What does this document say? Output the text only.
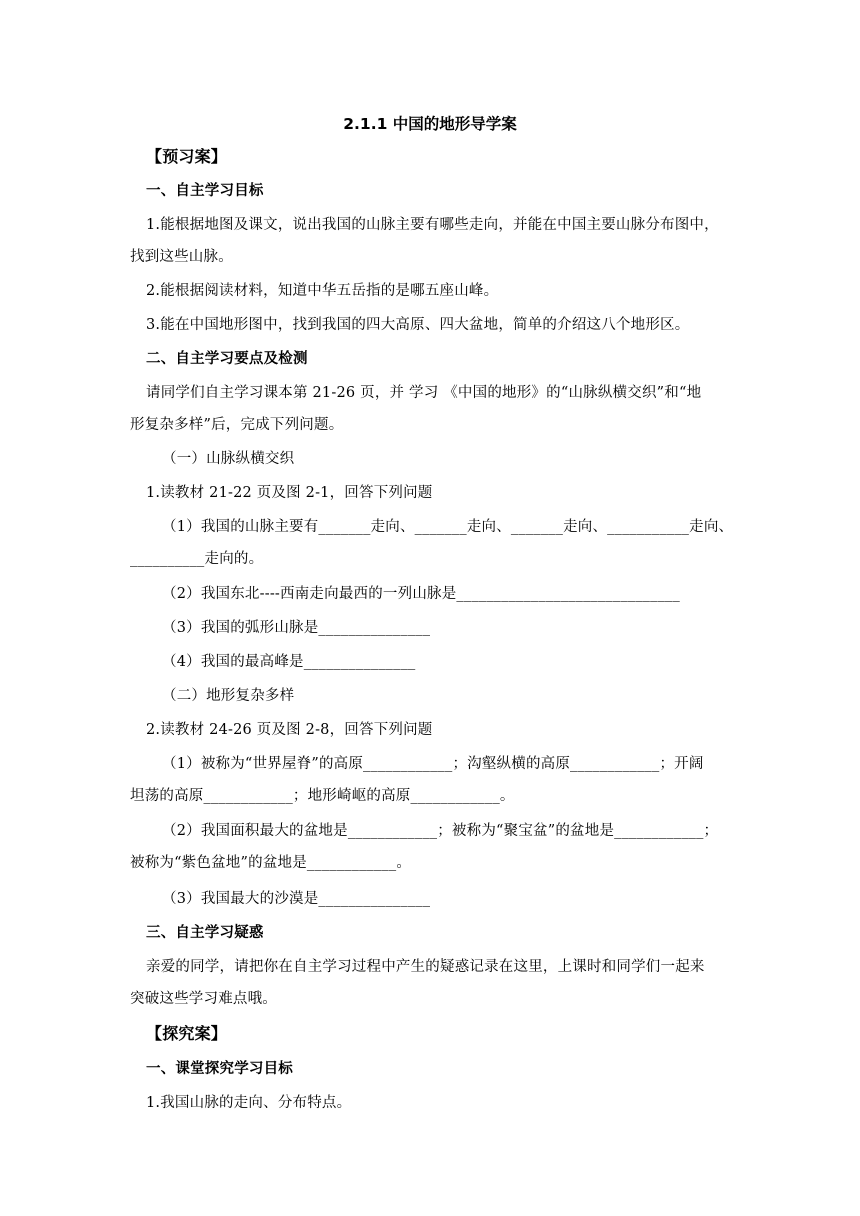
2.1.1 中国的地形导学案
【预习案】
一、自主学习目标
1.能根据地图及课文，说出我国的山脉主要有哪些走向，并能在中国主要山脉分布图中，
找到这些山脉。
2.能根据阅读材料，知道中华五岳指的是哪五座山峰。
3.能在中国地形图中，找到我国的四大高原、四大盆地，简单的介绍这八个地形区。
二、自主学习要点及检测
请同学们自主学习课本第 21-26 页，并 学习 《中国的地形》的“山脉纵横交织”和“地
形复杂多样”后，完成下列问题。
（一）山脉纵横交织
1.读教材 21-22 页及图 2-1，回答下列问题
（1）我国的山脉主要有_______走向、_______走向、_______走向、___________走向、
__________走向的。
（2）我国东北----西南走向最西的一列山脉是______________________________
（3）我国的弧形山脉是_______________
（4）我国的最高峰是_______________
（二）地形复杂多样
2.读教材 24-26 页及图 2-8，回答下列问题
（1）被称为“世界屋脊”的高原____________；沟壑纵横的高原____________；开阔
坦荡的高原____________；地形崎岖的高原____________。
（2）我国面积最大的盆地是____________；被称为“聚宝盆”的盆地是____________；
被称为“紫色盆地”的盆地是____________。
（3）我国最大的沙漠是_______________
三、自主学习疑惑
亲爱的同学，请把你在自主学习过程中产生的疑惑记录在这里，上课时和同学们一起来
突破这些学习难点哦。
【探究案】
一、课堂探究学习目标
1.我国山脉的走向、分布特点。
